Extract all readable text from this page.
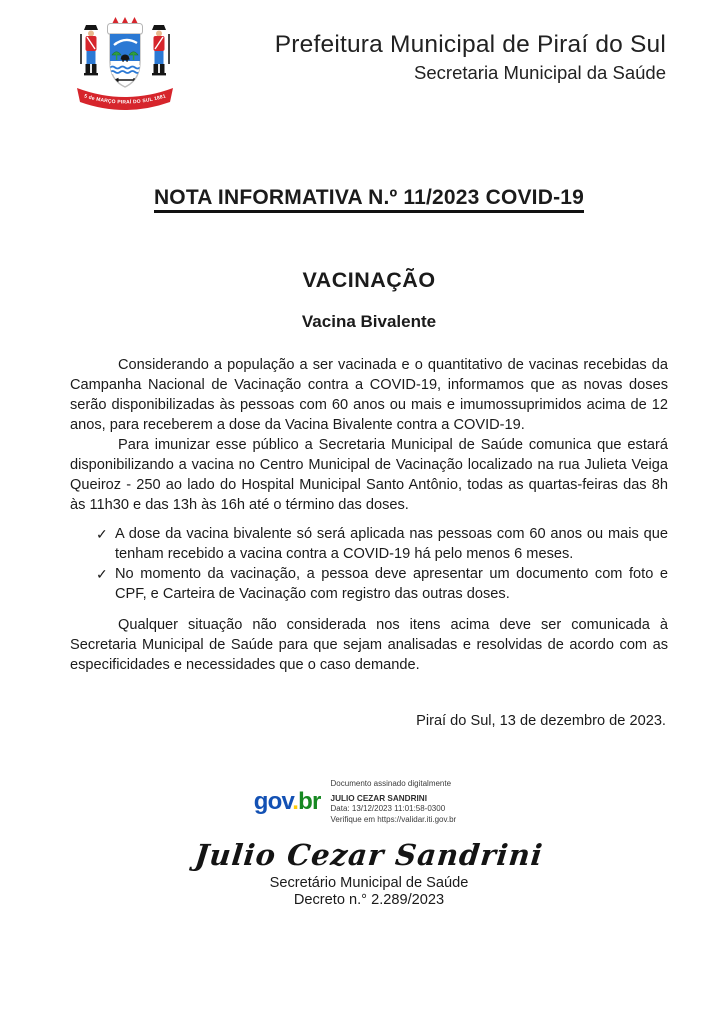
5 de MARÇO PIRAÍ DO SUL 1881
Prefeitura Municipal de Piraí do Sul
Secretaria Municipal da Saúde
NOTA INFORMATIVA N.º 11/2023 COVID-19
VACINAÇÃO
Vacina Bivalente

Considerando a população a ser vacinada e o quantitativo de vacinas recebidas da Campanha Nacional de Vacinação contra a COVID-19, informamos que as novas doses serão disponibilizadas às pessoas com 60 anos ou mais e imumossuprimidos acima de 12 anos, para receberem a dose da Vacina Bivalente contra a COVID-19.

Para imunizar esse público a Secretaria Municipal de Saúde comunica que estará disponibilizando a vacina no Centro Municipal de Vacinação localizado na rua Julieta Veiga Queiroz - 250 ao lado do Hospital Municipal Santo Antônio, todas as quartas-feiras das 8h às 11h30 e das 13h às 16h até o término das doses.

✓ A dose da vacina bivalente só será aplicada nas pessoas com 60 anos ou mais que tenham recebido a vacina contra a COVID-19 há pelo menos 6 meses.
✓ No momento da vacinação, a pessoa deve apresentar um documento com foto e CPF, e Carteira de Vacinação com registro das outras doses.

Qualquer situação não considerada nos itens acima deve ser comunicada à Secretaria Municipal de Saúde para que sejam analisadas e resolvidas de acordo com as especificidades e necessidades que o caso demande.

Piraí do Sul, 13 de dezembro de 2023.

gov.br
Documento assinado digitalmente
JULIO CEZAR SANDRINI
Data: 13/12/2023 11:01:58-0300
Verifique em https://validar.iti.gov.br
Julio Cezar Sandrini
Secretário Municipal de Saúde
Decreto n.° 2.289/2023
